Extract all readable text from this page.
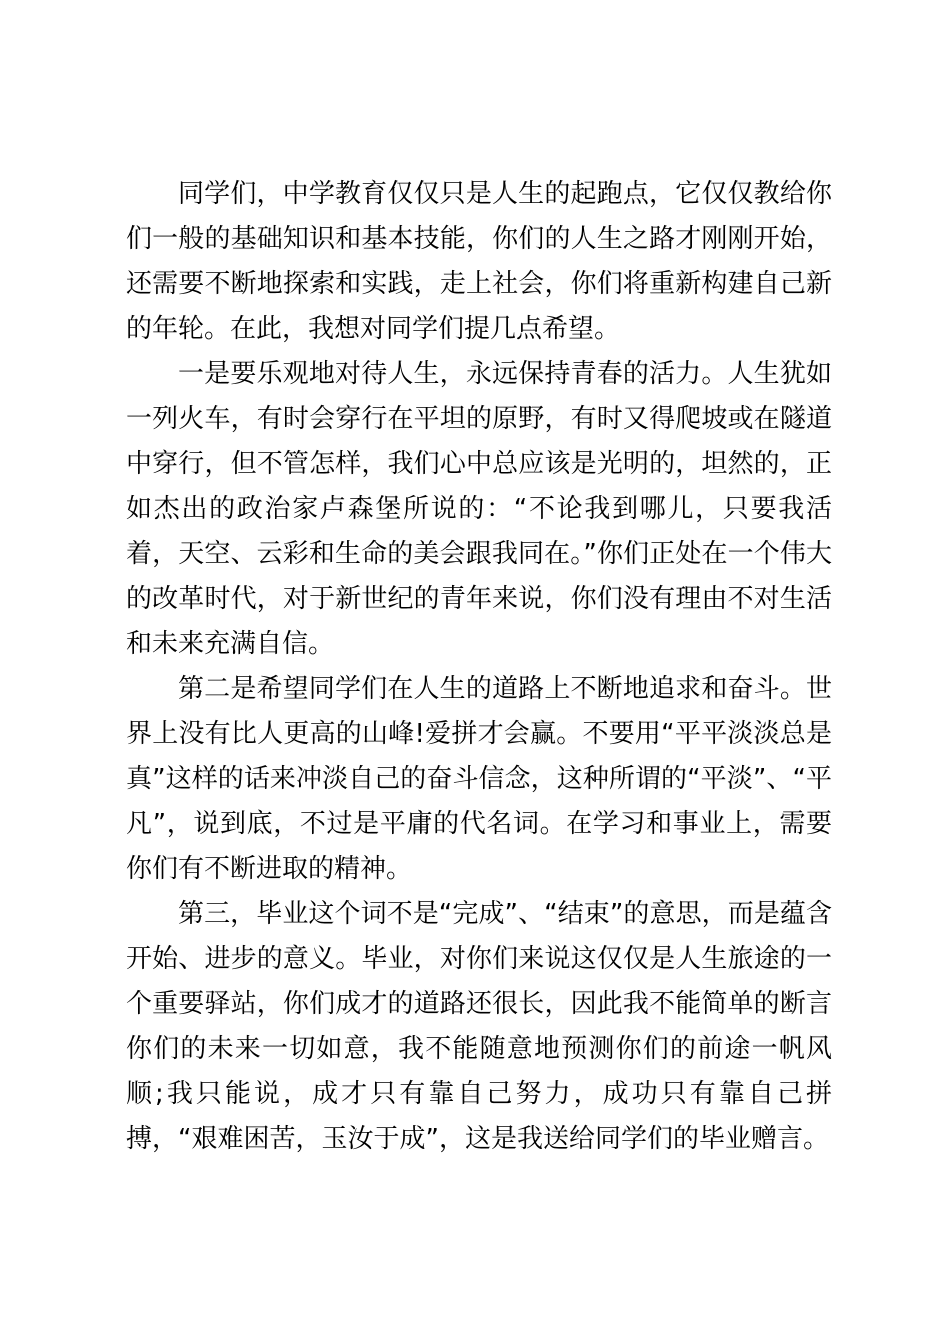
同学们，中学教育仅仅只是人生的起跑点，它仅仅教给你们一般的基础知识和基本技能，你们的人生之路才刚刚开始，还需要不断地探索和实践，走上社会，你们将重新构建自己新的年轮。在此，我想对同学们提几点希望。

一是要乐观地对待人生，永远保持青春的活力。人生犹如一列火车，有时会穿行在平坦的原野，有时又得爬坡或在隧道中穿行，但不管怎样，我们心中总应该是光明的，坦然的，正如杰出的政治家卢森堡所说的：“不论我到哪儿，只要我活着，天空、云彩和生命的美会跟我同在。”你们正处在一个伟大的改革时代，对于新世纪的青年来说，你们没有理由不对生活和未来充满自信。

第二是希望同学们在人生的道路上不断地追求和奋斗。世界上没有比人更高的山峰!爱拼才会赢。不要用“平平淡淡总是真”这样的话来冲淡自己的奋斗信念，这种所谓的“平淡”、“平凡”，说到底，不过是平庸的代名词。在学习和事业上，需要你们有不断进取的精神。

第三，毕业这个词不是“完成”、“结束”的意思，而是蕴含开始、进步的意义。毕业，对你们来说这仅仅是人生旅途的一个重要驿站，你们成才的道路还很长，因此我不能简单的断言你们的未来一切如意，我不能随意地预测你们的前途一帆风顺;我只能说，成才只有靠自己努力，成功只有靠自己拼搏，“艰难困苦，玉汝于成”，这是我送给同学们的毕业赠言。
